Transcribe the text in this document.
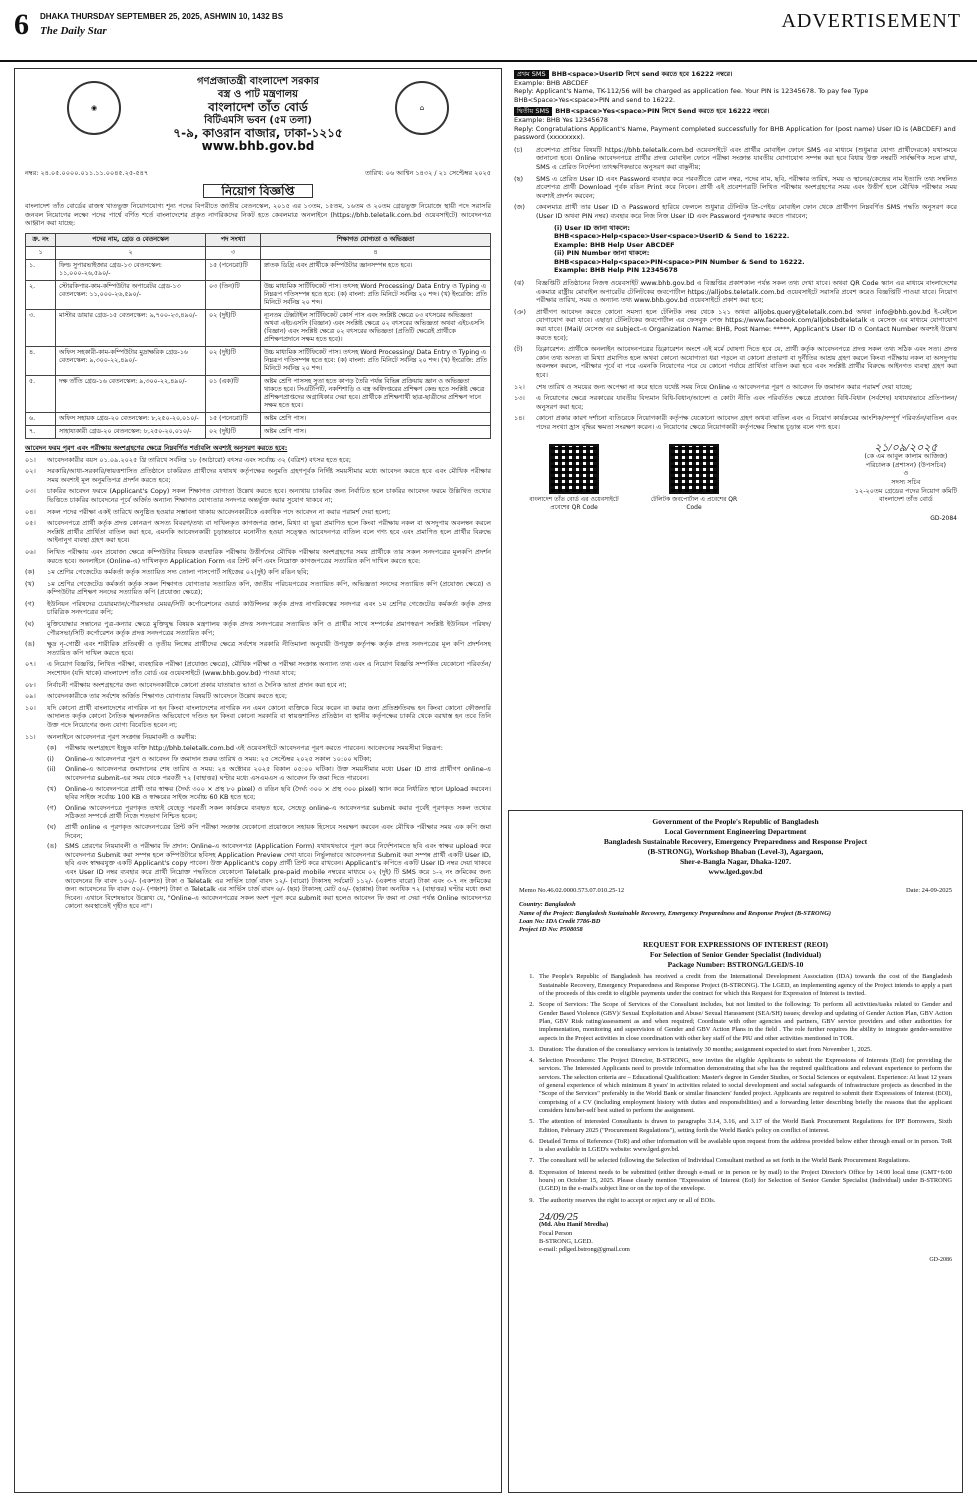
6 DHAKA THURSDAY SEPTEMBER 25, 2025, ASHWIN 10, 1432 BS
The Daily Star	ADVERTISEMENT
◉	⌂
গণপ্রজাতন্ত্রী বাংলাদেশ সরকার
বস্ত্র ও পাট মন্ত্রণালয়
বাংলাদেশ তাঁত বোর্ড
বিটিএমসি ভবন (৫ম তলা)
৭-৯, কাওরান বাজার, ঢাকা-১২১৫
www.bhb.gov.bd
নম্বর: ২৪.০৫.০০০০.০১১.১১.০০৪৫.২৫-৫৪৭	তারিখ: ০৬ আশ্বিন ১৪৩২ / ২১ সেপ্টেম্বর ২০২৫
নিয়োগ বিজ্ঞপ্তি
বাংলাদেশ তাঁত বোর্ডের রাজস্ব খাতভুক্ত নিয়োগযোগ্য শূন্য পদের বিপরীতে জাতীয় বেতনস্কেল, ২০১৫ এর ১৩তম, ১৫তম, ১৬তম ও ২০তম গ্রেডভুক্ত নিয়োজে স্থায়ী পদে সরাসরি জনবল নিয়োগের লক্ষ্যে পদের পার্শ্বে বর্ণিত শর্তে বাংলাদেশের প্রকৃত নাগরিকদের নিকট হতে কেবলমাত্র অনলাইনে (https://bhb.teletalk.com.bd ওয়েবসাইটে) আবেদনপত্র আহ্বান করা যাচ্ছে:
ক্র. নং	পদের নাম, গ্রেড ও বেতনস্কেল	পদ সংখ্যা	শিক্ষাগত যোগ্যতা ও অভিজ্ঞতা
১	২	৩	৪
১.	ফিল্ড সুপারভাইজার গ্রেড-১৩ বেতনস্কেল: ১১,০০০-২৬,৫৯০/-	১৫ (পনেরো)টি	স্নাতক ডিগ্রি এবং প্রার্থীকে কম্পিউটার জ্ঞানসম্পন্ন হতে হবে।
২.	স্টোরকিপার-কাম-কম্পিউটার অপারেটর গ্রেড-১৩ বেতনস্কেল: ১১,০০০-২৬,৫৯০/-	০৩ (তিন)টি	উচ্চ মাধ্যমিক সার্টিফিকেট পাস। তৎসহ Word Processing/ Data Entry ও Typing এ নিম্নরূপ গতিসম্পন্ন হতে হবে: (ক) বাংলা: প্রতি মিনিটে সর্বনিম্ন ২০ শব্দ। (খ) ইংরেজি: প্রতি মিনিটে সর্বনিম্ন ২০ শব্দ।
৩.	মাস্টার ডায়ার গ্রেড-১৫ বেতনস্কেল: ৯,৭০০-২৩,৪৯০/-	০২ (দুই)টি	ন্যূনতম টেক্সটাইল সার্টিফিকেট কোর্স পাস এবং সংশ্লিষ্ট ক্ষেত্রে ০৩ বৎসরের অভিজ্ঞতা অথবা এইচএসসি (বিজ্ঞান) এবং সংশ্লিষ্ট ক্ষেত্রে ০২ বৎসরের অভিজ্ঞতা অথবা এইচএসসি (বিজ্ঞান) এবং সংশ্লিষ্ট ক্ষেত্রে ০২ বৎসরের অভিজ্ঞতা (প্রতিটি ক্ষেত্রেই প্রার্থীকে প্রশিক্ষণপ্রদানে সক্ষম হতে হবে)।
৪.	অফিস সহকারী-কাম-কম্পিউটার মুদ্রাক্ষরিক গ্রেড-১৬ বেতনস্কেল: ৯,৩০০-২২,৪৯০/-	০২ (দুই)টি	উচ্চ মাধ্যমিক সার্টিফিকেট পাস। তৎসহ Word Processing/ Data Entry ও Typing এ নিম্নরূপ গতিসম্পন্ন হতে হবে: (ক) বাংলা: প্রতি মিনিটে সর্বনিম্ন ২০ শব্দ। (খ) ইংরেজি: প্রতি মিনিটে সর্বনিম্ন ২০ শব্দ।
৫.	দক্ষ তাঁতি গ্রেড-১৬ বেতনস্কেল: ৯,৩০০-২২,৪৯০/-	০১ (এক)টি	অষ্টম শ্রেণি পাসসহ সুতা হতে কাপড় তৈরি পর্যন্ত বিভিন্ন প্রক্রিয়ায় জ্ঞান ও অভিজ্ঞতা থাকতে হবে। সিএটিপিটি, নকশিশাড়ি ও বস্ত্র অধিদপ্তরের প্রশিক্ষণ কেন্দ্র হতে সংশ্লিষ্ট ক্ষেত্রে প্রশিক্ষণপ্রাপ্তদের অগ্রাধিকার দেয়া হবে। প্রার্থীকে প্রশিক্ষণার্থী ছাত্র-ছাত্রীদের প্রশিক্ষণ দানে সক্ষম হতে হবে।
৬.	অফিস সহায়ক গ্রেড-২০ বেতনস্কেল: ৮,২৫০-২০,০১০/-	১৫ (পনেরো)টি	অষ্টম শ্রেণি পাস।
৭.	সাহায্যকারী গ্রেড-২০ বেতনস্কেল: ৮,২৫০-২০,০১০/-	০২ (দুই)টি	অষ্টম শ্রেণি পাস।
আবেদন ফরম পূরণ এবং পরীক্ষায় অংশগ্রহণের ক্ষেত্রে নিম্নবর্ণিত শর্তাবলি অবশ্যই অনুসরণ করতে হবে:
০১।	আবেদনকারীর বয়স ০১.০৯.২০২৫ খ্রি তারিখে সর্বনিম্ন ১৮ (আঠারো) বৎসর এবং সর্বোচ্চ ৩২ (বত্রিশ) বৎসর হতে হবে;
০২।	সরকারি/আধা-সরকারি/স্বায়ত্তশাসিত প্রতিষ্ঠানে চাকরিরত প্রার্থীদের যথাযথ কর্তৃপক্ষের অনুমতি গ্রহণপূর্বক নির্দিষ্ট সময়সীমার মধ্যে আবেদন করতে হবে এবং মৌখিক পরীক্ষার সময় অবশ্যই মূল অনুমতিপত্র প্রদর্শন করতে হবে;
০৩।	চাকরির আবেদন ফরমে (Applicant's Copy) সকল শিক্ষাগত যোগ্যতা উল্লেখ করতে হবে। অন্যথায় চাকরির জন্য নির্বাচিত হলে চাকরির আবেদন ফরমে উল্লিখিত তথ্যের ভিত্তিতে চাকরির আবেদনের পূর্বে অর্জিত অন্যান্য শিক্ষাগত যোগ্যতার সনদপত্র অন্তর্ভুক্ত করার সুযোগ থাকবে না;
০৪।	সকল পদের পরীক্ষা একই তারিখে অনুষ্ঠিত হওয়ার সম্ভাবনা থাকায় আবেদনকারীকে একাধিক পদে আবেদন না করার পরামর্শ দেয়া হলো;
০৫।	আবেদনপত্রে প্রার্থী কর্তৃক প্রদত্ত কোনরূপ অসত্য বিবরণ/তথ্য বা দাখিলকৃত কাগজপত্র জাল, মিথ্যা বা ভুয়া প্রমাণিত হলে কিংবা পরীক্ষায় নকল বা অসদুপায় অবলম্বন করলে সংশ্লিষ্ট প্রার্থীর প্রার্থিতা বাতিল করা হবে, এমনকি আবেদনকারী চূড়ান্তভাবে মনোনীত হওয়া সত্ত্বেও আবেদনপত্র বাতিল বলে গণ্য হবে এবং প্রমাণিত হলে প্রার্থীর বিরুদ্ধে আইনানুগ ব্যবস্থা গ্রহণ করা হবে।
০৬।	লিখিত পরীক্ষায় এবং প্রযোজ্য ক্ষেত্রে কম্পিউটার বিষয়ক ব্যবহারিক পরীক্ষায় উত্তীর্ণদের মৌখিক পরীক্ষায় অংশগ্রহণের সময় প্রার্থীকে তার সকল সনদপত্রের মূলকপি প্রদর্শন করতে হবে। অনলাইনে (Online-এ) দাখিলকৃত Application Form এর প্রিন্ট কপি এবং নিম্নোক্ত কাগজপত্রের সত্যায়িত কপি দাখিল করতে হবে:
(ক)	১ম শ্রেণির গেজেটেড কর্মকর্তা কর্তৃক সত্যায়িত সদ্য তোলা পাসপোর্ট সাইজের ০২(দুই) কপি রঙিন ছবি;
(খ)	১ম শ্রেণির গেজেটেড কর্মকর্তা কর্তৃক সকল শিক্ষাগত যোগ্যতার সত্যায়িত কপি, জাতীয় পরিচয়পত্রের সত্যায়িত কপি, অভিজ্ঞতা সনদের সত্যায়িত কপি (প্রযোজ্য ক্ষেত্রে) ও কম্পিউটার প্রশিক্ষণ সনদের সত্যায়িত কপি (প্রযোজ্য ক্ষেত্রে);
(গ)	ইউনিয়ন পরিষদের চেয়ারম্যান/পৌরসভার মেয়র/সিটি কর্পোরেশনের ওয়ার্ড কাউন্সিলর কর্তৃক প্রদত্ত নাগরিকত্বের সনদপত্র এবং ১ম শ্রেণির গেজেটেড কর্মকর্তা কর্তৃক প্রদত্ত চারিত্রিক সনদপত্রের কপি;
(ঘ)	মুক্তিযোদ্ধার সন্তানের পুত্র-কন্যার ক্ষেত্রে মুক্তিযুদ্ধ বিষয়ক মন্ত্রণালয় কর্তৃক প্রদত্ত সনদপত্রের সত্যায়িত কপি ও প্রার্থীর সাথে সম্পর্কের প্রমাণস্বরূপ সংশ্লিষ্ট ইউনিয়ন পরিষদ/পৌরসভা/সিটি কর্পোরেশন কর্তৃক প্রদত্ত সনদপত্রের সত্যায়িত কপি;
(ঙ)	ক্ষুদ্র নৃ-গোষ্ঠী এবং শারীরিক প্রতিবন্ধী ও তৃতীয় লিঙ্গের প্রার্থীদের ক্ষেত্রে সর্বশেষ সরকারি নীতিমালা অনুযায়ী উপযুক্ত কর্তৃপক্ষ কর্তৃক প্রদত্ত সনদপত্রের মূল কপি প্রদর্শনসহ সত্যায়িত কপি দাখিল করতে হবে।
০৭।	এ নিয়োগ বিজ্ঞপ্তি, লিখিত পরীক্ষা, ব্যবহারিক পরীক্ষা (প্রযোজ্য ক্ষেত্রে), মৌখিক পরীক্ষা ও পরীক্ষা সংক্রান্ত অন্যান্য তথ্য এবং এ নিয়োগ বিজ্ঞপ্তি সম্পর্কিত যেকোনো পরিবর্তন/সংশোধন (যদি থাকে) বাংলাদেশ তাঁত বোর্ড এর ওয়েবসাইটে (www.bhb.gov.bd) পাওয়া যাবে;
০৮।	নির্বাচনী পরীক্ষায় অংশগ্রহণের জন্য আবেদনকারীকে কোনো প্রকার যাতায়াত ভাতা ও দৈনিক ভাতা প্রদান করা হবে না;
০৯।	আবেদনকারীকে তার সর্বশেষ অর্জিত শিক্ষাগত যোগ্যতার বিষয়টি আবেদনে উল্লেখ করতে হবে;
১০।	যদি কোনো প্রার্থী বাংলাদেশের নাগরিক না হন কিংবা বাংলাদেশের নাগরিক নন এমন কোনো ব্যক্তিকে বিয়ে করেন বা করার জন্য প্রতিশ্রুতিবদ্ধ হন কিংবা কোনো ফৌজদারি আদালত কর্তৃক কোনো নৈতিক স্খলনজনিত অভিযোগে দণ্ডিত হন কিংবা কোনো সরকারি বা স্বায়ত্তশাসিত প্রতিষ্ঠান বা স্থানীয় কর্তৃপক্ষের চাকরি থেকে বরখাস্ত হন তবে তিনি উক্ত পদে নিয়োগের জন্য যোগ্য বিবেচিত হবেন না;
১১।	অনলাইনে আবেদনপত্র পূরণ সংক্রান্ত নিয়মাবলী ও করণীয়:
(ক)	পরীক্ষায় অংশগ্রহণে ইচ্ছুক ব্যক্তি http://bhb.teletalk.com.bd এই ওয়েবসাইটে আবেদনপত্র পূরণ করতে পারবেন। আবেদনের সময়সীমা নিম্নরূপ:
(i)	Online-এ আবেদনপত্র পূরণ ও আবেদন ফি জমাদান শুরুর তারিখ ও সময়: ২৫ সেপ্টেম্বর ২০২৫ সকাল ১০:০০ ঘটিকা;
(ii)	Online-এ আবেদনপত্র জমাদানের শেষ তারিখ ও সময়: ২৪ অক্টোবর ২০২৫ বিকাল ০৫:০০ ঘটিকা। উক্ত সময়সীমার মধ্যে User ID প্রাপ্ত প্রার্থীগণ online-এ আবেদনপত্র submit-এর সময় থেকে পরবর্তী ৭২ (বাহাত্তর) ঘণ্টার মধ্যে এসএমএস এ আবেদন ফি জমা দিতে পারবেন।
(খ)	Online-এ আবেদনপত্রে প্রার্থী তার স্বাক্ষর (দৈর্ঘ্য ৩০০ × প্রস্থ ৮০ pixel) ও রঙিন ছবি (দৈর্ঘ্য ৩০০ × প্রস্থ ৩০০ pixel) স্ক্যান করে নির্ধারিত স্থানে Upload করবেন। ছবির সাইজ সর্বোচ্চ 100 KB ও স্বাক্ষরের সাইজ সর্বোচ্চ 60 KB হতে হবে;
(গ)	Online আবেদনপত্রে পূরণকৃত তথ্যই যেহেতু পরবর্তী সকল কার্যক্রমে ব্যবহৃত হবে, সেহেতু online-এ আবেদনপত্র submit করার পূর্বেই পূরণকৃত সকল তথ্যের সঠিকতা সম্পর্কে প্রার্থী নিজে শতভাগ নিশ্চিত হবেন;
(ঘ)	প্রার্থী online এ পূরণকৃত আবেদনপত্রের প্রিন্ট কপি পরীক্ষা সংক্রান্ত যেকোনো প্রয়োজনে সহায়ক হিসেবে সংরক্ষণ করবেন এবং মৌখিক পরীক্ষার সময় এক কপি জমা দিবেন;
(ঙ)	SMS প্রেরণের নিয়মাবলী ও পরীক্ষার ফি প্রদান: Online-এ আবেদনপত্র (Application Form) যথাযথভাবে পূরণ করে নির্দেশনামতে ছবি এবং স্বাক্ষর upload করে আবেদনপত্র Submit করা সম্পন্ন হলে কম্পিউটারে ছবিসহ Application Preview দেখা যাবে। নির্ভুলভাবে আবেদনপত্র Submit করা সম্পন্ন প্রার্থী একটি User ID, ছবি এবং স্বাক্ষরযুক্ত একটি Applicant's copy পাবেন। উক্ত Applicant's copy প্রার্থী প্রিন্ট করে রাখবেন। Applicant's কপিতে একটি User ID নম্বর দেয়া থাকবে এবং User ID নম্বর ব্যবহার করে প্রার্থী নিম্নোক্ত পদ্ধতিতে যেকোনো Teletalk pre-paid mobile নম্বরের মাধ্যমে ০২ (দুই) টি SMS করে ১-২ নং ক্রমিকের জন্য আবেদনের ফি বাবদ ১০০/- (একশত) টাকা ও Teletalk এর সার্ভিস চার্জ বাবদ ১২/- (বারো) টাকাসহ সর্বমোট ১১২/- (একশত বারো) টাকা এবং ৩-৭ নং ক্রমিকের জন্য আবেদনের ফি বাবদ ৫০/- (পঞ্চাশ) টাকা ও Teletalk এর সার্ভিস চার্জ বাবদ ৬/- (ছয়) টাকাসহ মোট ৫৬/- (ছাপ্পান্ন) টাকা অনধিক ৭২ (বাহাত্তর) ঘণ্টার মধ্যে জমা দিবেন। এখানে বিশেষভাবে উল্লেখ্য যে, "Online-এ আবেদনপত্রের সকল অংশ পূরণ করে submit করা হলেও আবেদন ফি জমা না দেয়া পর্যন্ত Online আবেদনপত্র কোনো অবস্থাতেই গৃহীত হবে না"।
প্রথম SMS BHB<space>UserID লিখে send করতে হবে 16222 নম্বরে।
Example: BHB ABCDEF
Reply: Applicant's Name, TK-112/56 will be charged as application fee. Your PIN is 12345678. To pay fee Type BHB<Space>Yes<space>PIN and send to 16222.
দ্বিতীয় SMS BHB<space>Yes<space>PIN লিখে Send করতে হবে 16222 নম্বরে।
Example: BHB Yes 12345678
Reply: Congratulations Applicant's Name, Payment completed successfully for BHB Application for (post name) User ID is (ABCDEF) and password (xxxxxxxx).
(চ)	প্রবেশপত্র প্রাপ্তির বিষয়টি https://bhb.teletalk.com.bd ওয়েবসাইটে এবং প্রার্থীর মোবাইল ফোনে SMS এর মাধ্যমে (শুধুমাত্র যোগ্য প্রার্থীদেরকে) যথাসময়ে জানানো হবে। Online আবেদনপত্রে প্রার্থীর প্রদত্ত মোবাইল ফোনে পরীক্ষা সংক্রান্ত যাবতীয় যোগাযোগ সম্পন্ন করা হবে বিধায় উক্ত নম্বরটি সার্বক্ষণিক সচল রাখা, SMS এ প্রেরিত নির্দেশনা তাৎক্ষণিকভাবে অনুসরণ করা বাঞ্ছনীয়;
(ছ)	SMS এ প্রেরিত User ID এবং Password ব্যবহার করে পরবর্তীতে রোল নম্বর, পদের নাম, ছবি, পরীক্ষার তারিখ, সময় ও স্থানের/কেন্দ্রের নাম ইত্যাদি তথ্য সম্বলিত প্রবেশপত্র প্রার্থী Download পূর্বক রঙিন Print করে নিবেন। প্রার্থী এই প্রবেশপত্রটি লিখিত পরীক্ষায় অংশগ্রহণের সময় এবং উত্তীর্ণ হলে মৌখিক পরীক্ষার সময় অবশ্যই প্রদর্শন করবেন;
(জ)	কেবলমাত্র প্রার্থী তার User ID ও Password হারিয়ে ফেললে শুধুমাত্র টেলিটক প্রি-পেইড মোবাইল ফোন থেকে প্রার্থীগণ নিম্নবর্ণিত SMS পদ্ধতি অনুসরণ করে (User ID অথবা PIN নম্বর) ব্যবহার করে নিজ নিজ User ID এবং Password পুনরুদ্ধার করতে পারবেন;
(i) User ID জানা থাকলে:
BHB<space>Help<space>User<space>UserID & Send to 16222.
Example: BHB Help User ABCDEF
(ii) PIN Number জানা থাকলে:
BHB<space>Help<space>PIN<space>PIN Number & Send to 16222.
Example: BHB Help PIN 12345678
(ঝ)	বিজ্ঞপ্তিটি প্রতিষ্ঠানের নিজস্ব ওয়েবসাইট www.bhb.gov.bd এ বিজ্ঞপ্তির প্রকাশকাল পর্যন্ত সকল তথ্য দেখা যাবে। অথবা QR Code স্ক্যান এর মাধ্যমে বাংলাদেশের একমাত্র রাষ্ট্রীয় মোবাইল অপারেটর টেলিটকের জবপোর্টাল https://alljobs.teletalk.com.bd ওয়েবসাইটে সরাসরি প্রবেশ করেও বিজ্ঞপ্তিটি পাওয়া যাবে। নিয়োগ পরীক্ষার তারিখ, সময় ও অন্যান্য তথ্য www.bhb.gov.bd ওয়েবসাইটে প্রকাশ করা হবে;
(ঞ)	প্রার্থীগণ আবেদন করতে কোনো সমস্যা হলে টেলিটক নম্বর থেকে ১২১ অথবা alljobs.query@teletalk.com.bd অথবা info@bhb.gov.bd ই-মেইলে যোগাযোগ করা যাবে। এছাড়া টেলিটকের জবপোর্টাল এর ফেসবুক পেজ https://www.facebook.com/alljobsbdteletalk এ মেসেজ এর মাধ্যমে যোগাযোগ করা যাবে। (Mail/ মেসেজ এর subject-এ Organization Name: BHB, Post Name: *****, Applicant's User ID ও Contact Number অবশ্যই উল্লেখ করতে হবে);
(ট)	ডিক্লারেশন: প্রার্থীকে অনলাইন আবেদনপত্রের ডিক্লারেশন অংশে এই মর্মে ঘোষণা দিতে হবে যে, প্রার্থী কর্তৃক আবেদনপত্রে প্রদত্ত সকল তথ্য সঠিক এবং সত্য। প্রদত্ত কোন তথ্য অসত্য বা মিথ্যা প্রমাণিত হলে অথবা কোনো অযোগ্যতা ধরা পড়লে বা কোনো প্রতারণা বা দুর্নীতির আশ্রয় গ্রহণ করলে কিংবা পরীক্ষায় নকল বা অসদুপায় অবলম্বন করলে, পরীক্ষার পূর্বে বা পরে এমনকি নিয়োগের পরে যে কোনো পর্যায়ে প্রার্থিতা বাতিল করা হবে এবং সংশ্লিষ্ট প্রার্থীর বিরুদ্ধে আইনগত ব্যবস্থা গ্রহণ করা হবে।
১২।	শেষ তারিখ ও সময়ের জন্য অপেক্ষা না করে হাতে যথেষ্ট সময় নিয়ে Online এ আবেদনপত্র পূরণ ও আবেদন ফি জমাদান করার পরামর্শ দেয়া যাচ্ছে;
১৩।	এ নিয়োগের ক্ষেত্রে সরকারের যাবতীয় বিদ্যমান বিধি-বিধান/আদেশ ও কোটা নীতি এবং পরিবর্তিত ক্ষেত্রে প্রযোজ্য বিধি-বিধান (সর্বশেষ) যথাযথভাবে প্রতিপালন/অনুসরণ করা হবে;
১৪।	কোনো প্রকার কারণ দর্শানো ব্যতিরেকে নিয়োগকারী কর্তৃপক্ষ যেকোনো আবেদন গ্রহণ অথবা বাতিল এবং এ নিয়োগ কার্যক্রমের আংশিক/সম্পূর্ণ পরিবর্তন/বাতিল এবং পদের সংখ্যা হ্রাস বৃদ্ধির ক্ষমতা সংরক্ষণ করেন। এ নিয়োগের ক্ষেত্রে নিয়োগকারী কর্তৃপক্ষের সিদ্ধান্ত চূড়ান্ত বলে গণ্য হবে।
বাংলাদেশ তাঁত বোর্ড এর ওয়েবসাইটে প্রবেশের QR Code
টেলিটক জবপোর্টাল এ প্রবেশের QR Code
২১/০৯/২০২৫
(কে এম আবুল কালাম আজিজ)
পরিচালক (প্রশাসন) (উপসচিব)
ও
সদস্য সচিব
১২-২০তম গ্রেডের পদের নিয়োগ কমিটি
বাংলাদেশ তাঁত বোর্ড
GD-2084
Government of the People's Republic of Bangladesh
Local Government Engineering Department
Bangladesh Sustainable Recovery, Emergency Preparedness and Response Project
(B-STRONG), Workshop Bhaban (Level-3), Agargaon,
Sher-e-Bangla Nagar, Dhaka-1207.
www.lged.gov.bd
Memo No.46.02.0000.573.07.010.25-12	Date: 24-09-2025
Country: Bangladesh
Name of the Project: Bangladesh Sustainable Recovery, Emergency Preparedness and Response Project (B-STRONG)
Loan No: IDA Credit 7786-BD
Project ID No: P508058
REQUEST FOR EXPRESSIONS OF INTEREST (REOI)
For Selection of Senior Gender Specialist (Individual)
Package Number: BSTRONG/LGED/S-10
1. The People's Republic of Bangladesh has received a credit from the International Development Association (IDA) towards the cost of the Bangladesh Sustainable Recovery, Emergency Preparedness and Response Project (B-STRONG). The LGED, an implementing agency of the Project intends to apply a part of the proceeds of this credit to eligible payments under the contract for which this Request for Expression of Interest is invited.
2. Scope of Services: The Scope of Services of the Consultant includes, but not limited to the following: To perform all activities/tasks related to Gender and Gender Based Violence (GBV)/ Sexual Exploitation and Abuse/ Sexual Harassment (SEA/SH) issues; develop and updating of Gender Action Plan, GBV Action Plan, GBV Risk rating/assessment as and when required; Coordinate with other agencies and partners, GBV service providers and other authorities for implementation, monitoring and supervision of Gender and GBV Action Plans in the field . The role further requires the ability to integrate gender-sensitive aspects in the Project activities in close coordination with other key staff of the PIU and other activities mentioned in TOR.
3. Duration: The duration of the consultancy services is tentatively 30 months; assignment expected to start from November 1, 2025.
4. Selection Procedures: The Project Director, B-STRONG, now invites the eligible Applicants to submit the Expressions of Interests (EoI) for providing the services. The Interested Applicants need to provide information demonstrating that s/he has the required qualifications and relevant experience to perform the services. The selection criteria are – Educational Qualification: Master's degree in Gender Studies, or Social Sciences or equivalent. Experience: At least 12 years of general experience of which minimum 8 years' in activities related to social development and social safeguards of infrastructure projects as described in the "Scope of the Services" preferably in the World Bank or similar financiers' funded project. Applicants are required to submit their Expressions of Interest (EOI), comprising of a CV (including employment history with duties and responsibilities) and a forwarding letter describing briefly the reasons that the applicant considers him/her-self best suited to perform the assignment.
5. The attention of interested Consultants is drawn to paragraphs 3.14, 3.16, and 3.17 of the World Bank Procurement Regulations for IPF Borrowers, Sixth Edition, February 2025 ("Procurement Regulations"), setting forth the World Bank's policy on conflict of interest.
6. Detailed Terms of Reference (ToR) and other information will be available upon request from the address provided below either through email or in person. ToR is also available in LGED's website: www.lged.gov.bd.
7. The consultant will be selected following the Selection of Individual Consultant method as set forth in the World Bank Procurement Regulations.
8. Expression of Interest needs to be submitted (either through e-mail or in person or by mail) to the Project Director's Office by 14:00 local time (GMT+6:00 hours) on October 15, 2025. Please clearly mention "Expression of Interest (EoI) for Selection of Senior Gender Specialist (Individual) under B-STRONG (LGED) in the e-mail's subject line or on the top of the envelope.
9. The authority reserves the right to accept or reject any or all of EOIs.
24/09/25
(Md. Abu Hanif Mredha)
Focal Person
B-STRONG, LGED.
e-mail: pdlged.bstrong@gmail.com
GD-2086
